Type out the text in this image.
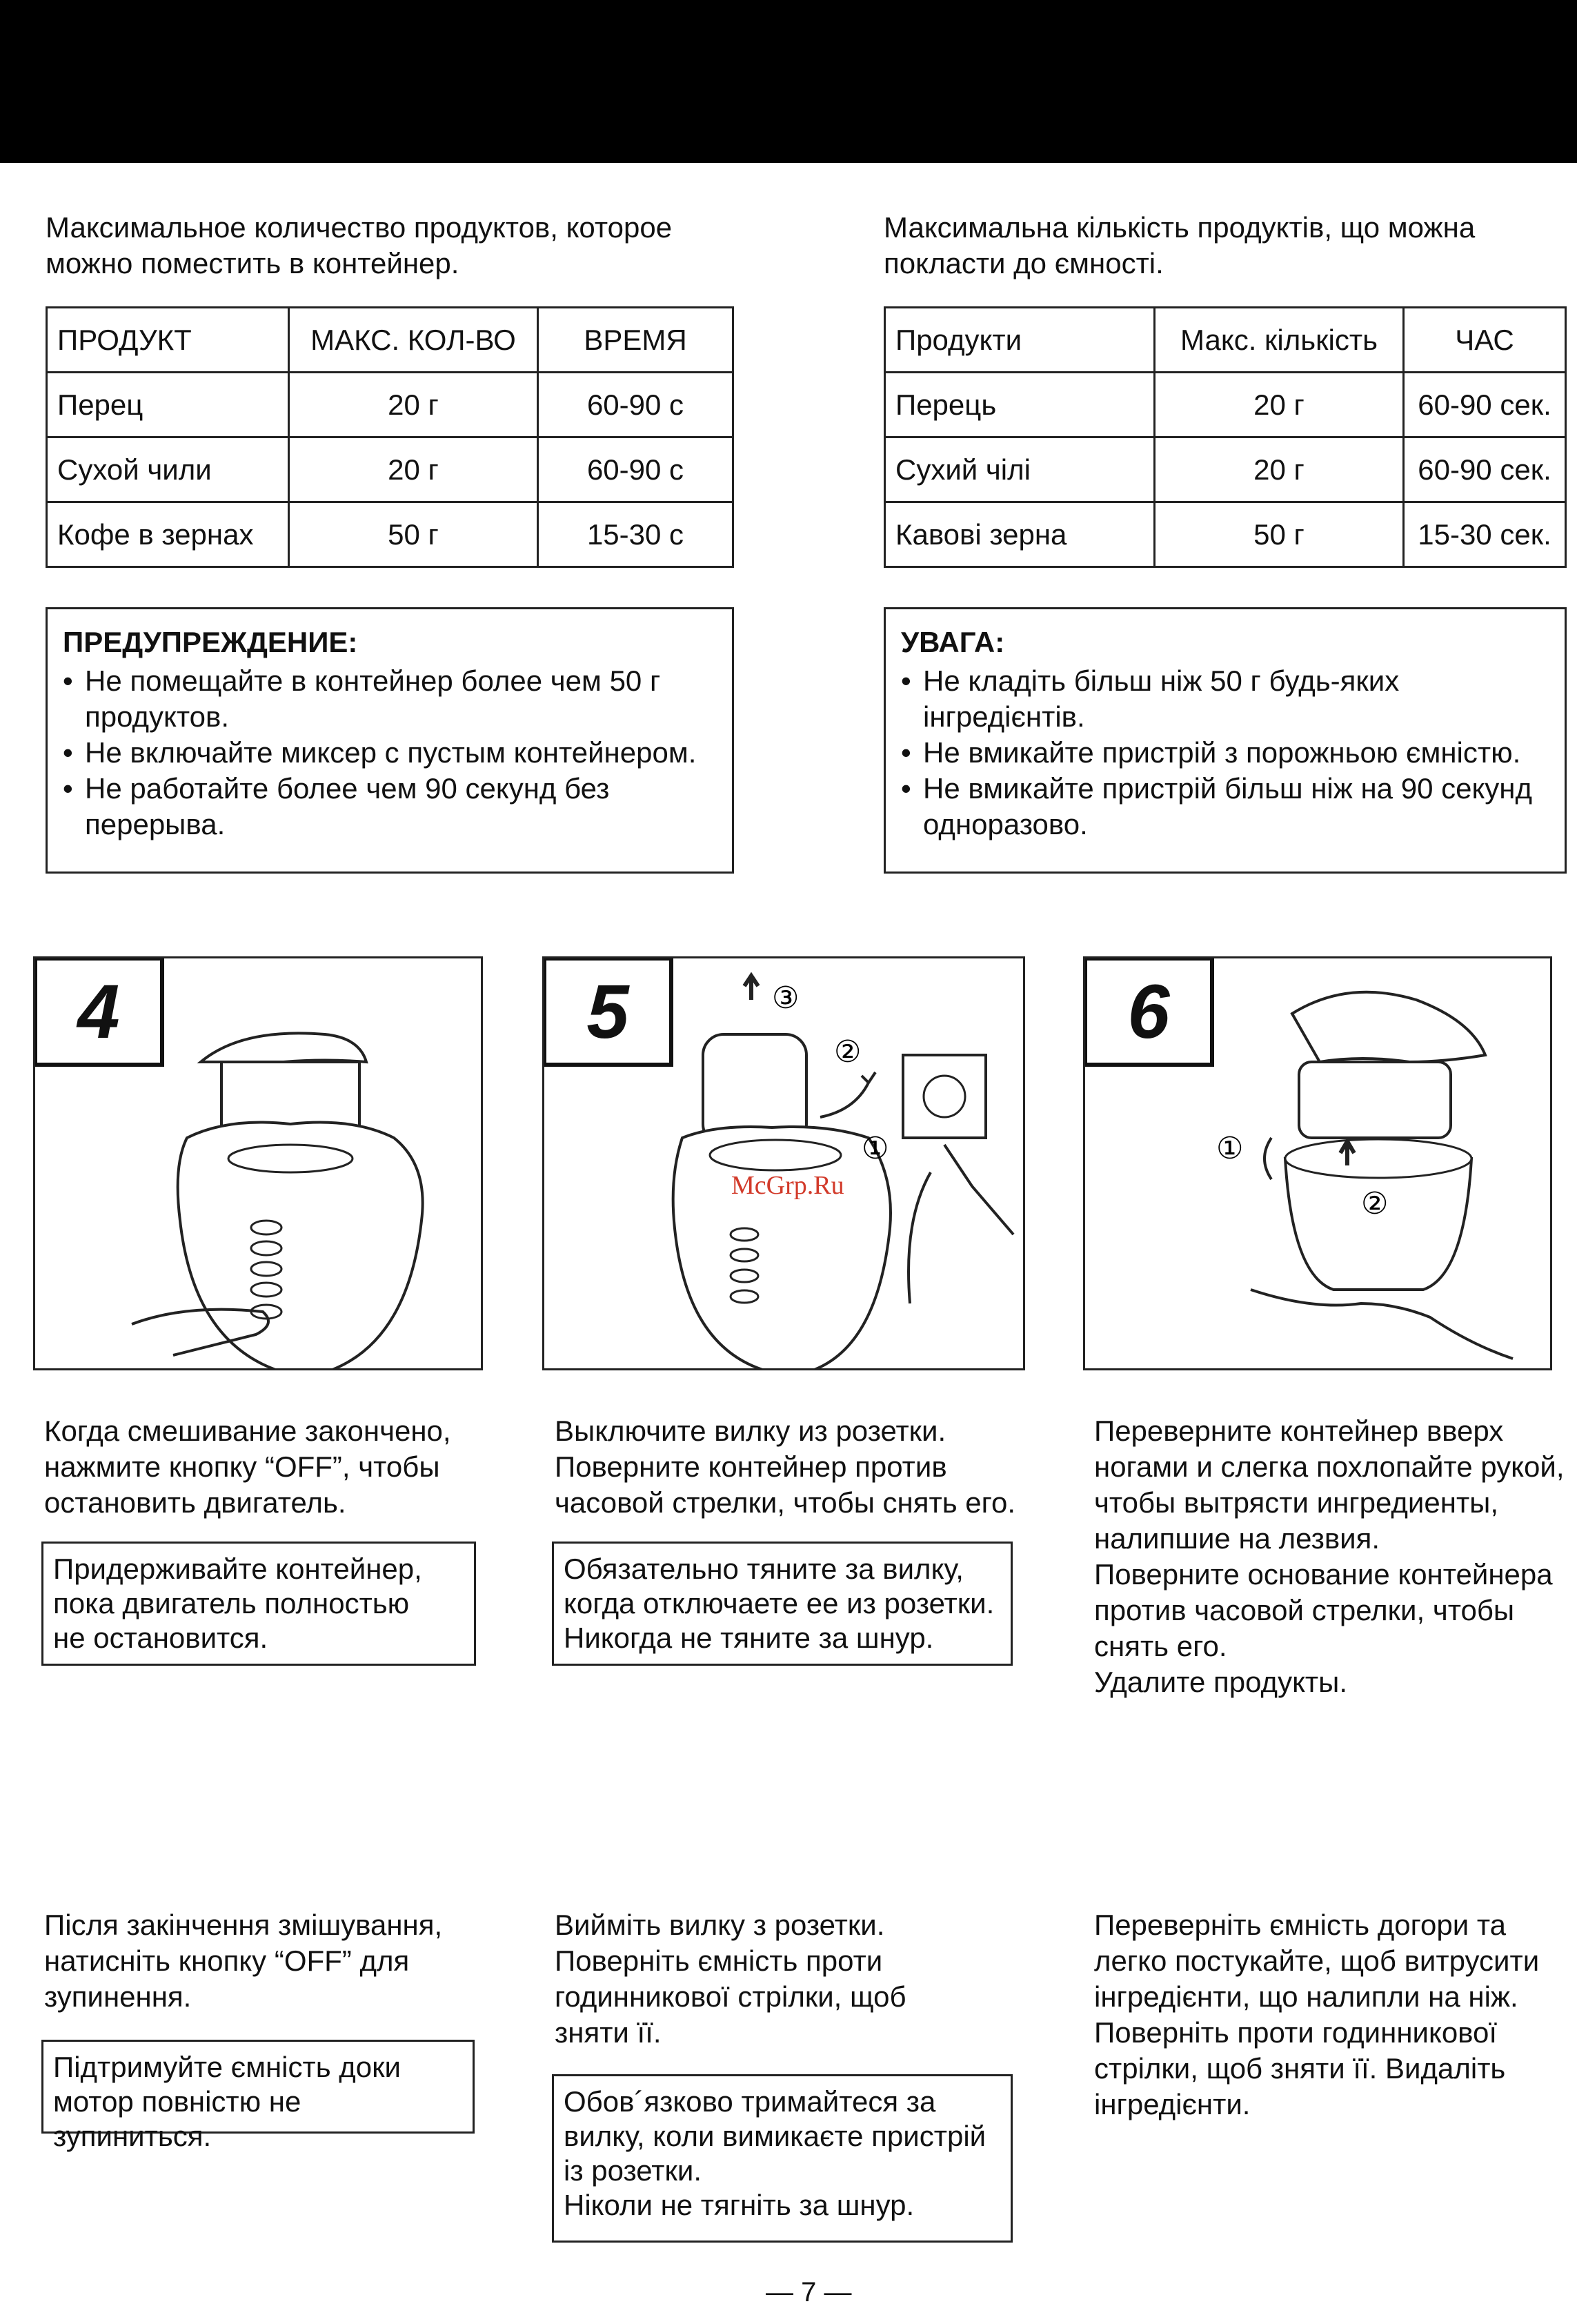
Максимальное количество продуктов, которое
можно поместить в контейнер.
Максимальна кількість продуктів, що можна
покласти до ємності.
ПРОДУКТ	МАКС. КОЛ-ВО	ВРЕМЯ
Перец	20 г	60-90 с
Сухой чили	20 г	60-90 с
Кофе в зернах	50 г	15-30 с
Продукти	Макс. кількість	ЧАС
Перець	20 г	60-90 сек.
Сухий чілі	20 г	60-90 сек.
Кавові зерна	50 г	15-30 сек.
ПРЕДУПРЕЖДЕНИЕ:
• Не помещайте в контейнер более чем 50 г продуктов.
• Не включайте миксер с пустым контейнером.
• Не работайте более чем 90 секунд без перерыва.
УВАГА:
• Не кладіть більш ніж 50 г будь-яких інгредієнтів.
• Не вмикайте пристрій з порожньою ємністю.
• Не вмикайте пристрій більш ніж на 90 секунд одноразово.
4	③
②
①
5
①
②
6
McGrp.Ru
Когда смешивание закончено,
нажмите кнопку “OFF”, чтобы
остановить двигатель.
Выключите вилку из розетки.
Поверните контейнер против
часовой стрелки, чтобы снять его.
Переверните контейнер вверх
ногами и слегка похлопайте рукой,
чтобы вытрясти ингредиенты,
налипшие на лезвия.
Поверните основание контейнера
против часовой стрелки, чтобы
снять его.
Удалите продукты.
Придерживайте контейнер,
пока двигатель полностью
не остановится.
Обязательно тяните за вилку,
когда отключаете ее из розетки.
Никогда не тяните за шнур.
Після закінчення змішування,
натисніть кнопку “OFF” для
зупинення.
Вийміть вилку з розетки.
Поверніть ємність проти
годинникової стрілки, щоб
зняти її.
Переверніть ємність догори та
легко постукайте, щоб витрусити
інгредієнти, що налипли на ніж.
Поверніть проти годинникової
стрілки, щоб зняти її. Видаліть
інгредієнти.
Підтримуйте ємність доки
мотор повністю не зупиниться.
Обов´язково тримайтеся за
вилку, коли вимикаєте пристрій
із розетки.
Ніколи не тягніть за шнур.
— 7 —
